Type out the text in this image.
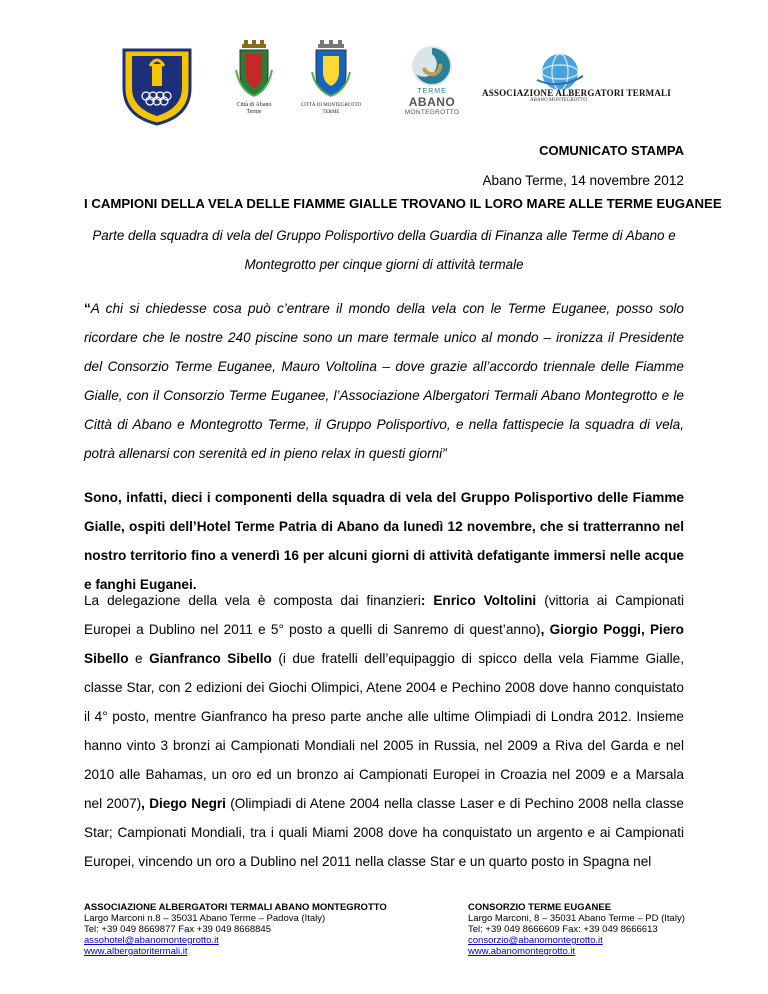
Città di Abano Terme
CITTÀ DI MONTEGROTTO TERME
TERME
ABANO
MONTEGROTTO
ASSOCIAZIONE ALBERGATORI TERMALI
ABANO MONTEGROTTO
COMUNICATO STAMPA
Abano Terme, 14 novembre 2012
I CAMPIONI DELLA VELA DELLE FIAMME GIALLE TROVANO IL LORO MARE ALLE TERME EUGANEE
Parte della squadra di vela del Gruppo Polisportivo della Guardia di Finanza alle Terme di Abano e Montegrotto per cinque giorni di attività termale
“A chi si chiedesse cosa può c’entrare il mondo della vela con le Terme Euganee, posso solo ricordare che le nostre 240 piscine sono un mare termale unico al mondo – ironizza il Presidente del Consorzio Terme Euganee, Mauro Voltolina – dove grazie all’accordo triennale delle Fiamme Gialle, con il Consorzio Terme Euganee, l’Associazione Albergatori Termali Abano Montegrotto e le Città di Abano e Montegrotto Terme, il Gruppo Polisportivo, e nella fattispecie la squadra di vela, potrà allenarsi con serenità ed in pieno relax in questi giorni”
Sono, infatti, dieci i componenti della squadra di vela del Gruppo Polisportivo delle Fiamme Gialle, ospiti dell’Hotel Terme Patria di Abano da lunedì 12 novembre, che si tratterranno nel nostro territorio fino a venerdì 16 per alcuni giorni di attività defatigante immersi nelle acque e fanghi Euganei.
La delegazione della vela è composta dai finanzieri: Enrico Voltolini (vittoria ai Campionati Europei a Dublino nel 2011 e 5° posto a quelli di Sanremo di quest’anno), Giorgio Poggi, Piero Sibello e Gianfranco Sibello (i due fratelli dell’equipaggio di spicco della vela Fiamme Gialle, classe Star, con 2 edizioni dei Giochi Olimpici, Atene 2004 e Pechino 2008 dove hanno conquistato il 4° posto, mentre Gianfranco ha preso parte anche alle ultime Olimpiadi di Londra 2012. Insieme hanno vinto 3 bronzi ai Campionati Mondiali nel 2005 in Russia, nel 2009 a Riva del Garda e nel 2010 alle Bahamas, un oro ed un bronzo ai Campionati Europei in Croazia nel 2009 e a Marsala nel 2007), Diego Negri (Olimpiadi di Atene 2004 nella classe Laser e di Pechino 2008 nella classe Star; Campionati Mondiali, tra i quali Miami 2008 dove ha conquistato un argento e ai Campionati Europei, vincendo un oro a Dublino nel 2011 nella classe Star e un quarto posto in Spagna nel
ASSOCIAZIONE ALBERGATORI TERMALI ABANO MONTEGROTTO
Largo Marconi n.8 – 35031 Abano Terme – Padova (Italy)
Tel: +39 049 8669877 Fax +39 049 8668845
assohotel@abanomontegrotto.it
www.albergatoritermali.it
CONSORZIO TERME EUGANEE
Largo Marconi, 8 – 35031 Abano Terme – PD (Italy)
Tel: +39 049 8666609 Fax: +39 049 8666613
consorzio@abanomontegrotto.it
www.abanomontegrotto.it
